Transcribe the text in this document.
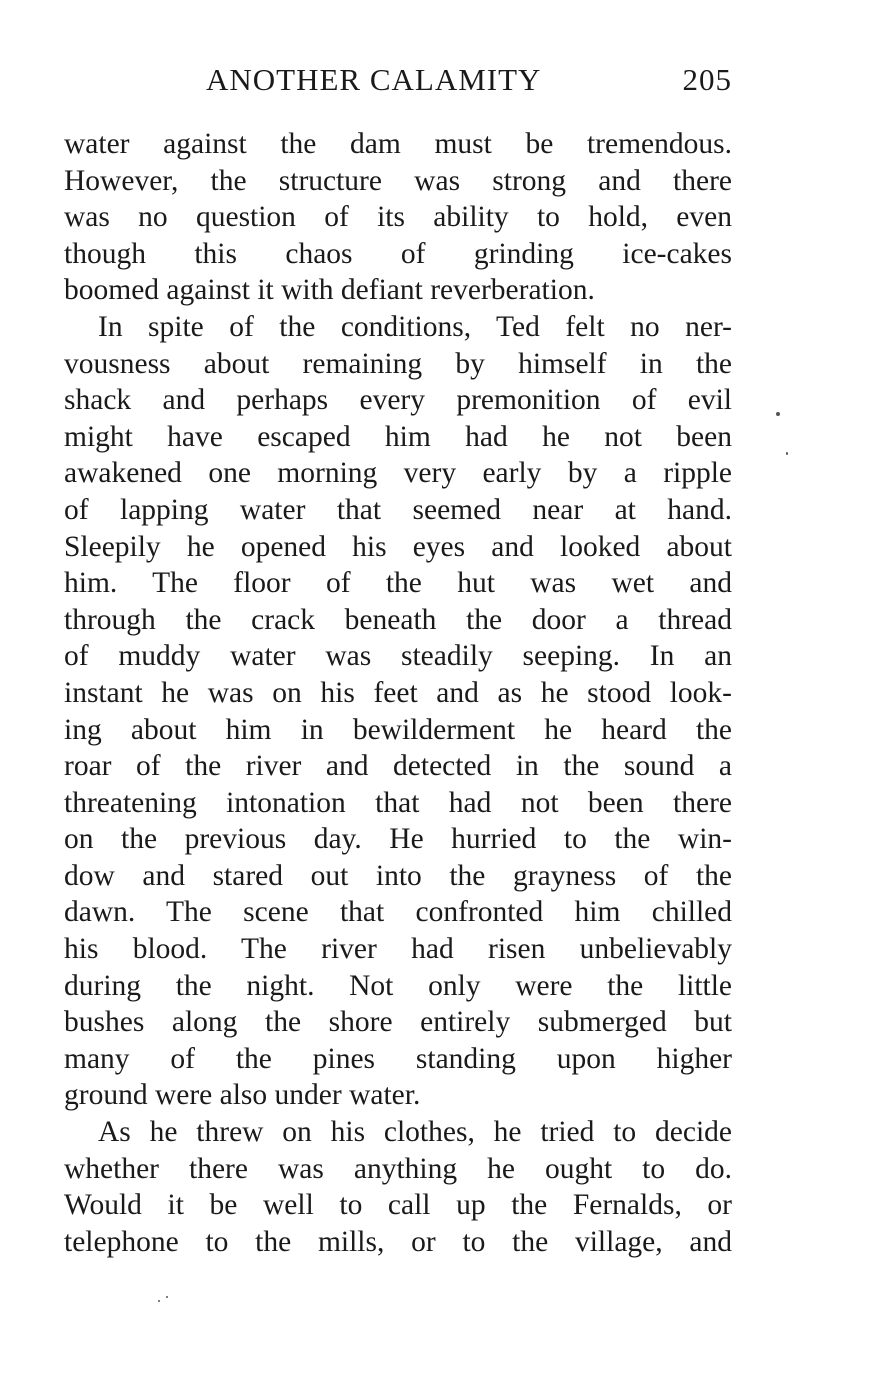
ANOTHER CALAMITY	205
water against the dam must be tremendous.
However, the structure was strong and there
was no question of its ability to hold, even
though this chaos of grinding ice-cakes
boomed against it with defiant reverberation.
In spite of the conditions, Ted felt no ner-
vousness about remaining by himself in the
shack and perhaps every premonition of evil
might have escaped him had he not been
awakened one morning very early by a ripple
of lapping water that seemed near at hand.
Sleepily he opened his eyes and looked about
him. The floor of the hut was wet and
through the crack beneath the door a thread
of muddy water was steadily seeping. In an
instant he was on his feet and as he stood look-
ing about him in bewilderment he heard the
roar of the river and detected in the sound a
threatening intonation that had not been there
on the previous day. He hurried to the win-
dow and stared out into the grayness of the
dawn. The scene that confronted him chilled
his blood. The river had risen unbelievably
during the night. Not only were the little
bushes along the shore entirely submerged but
many of the pines standing upon higher
ground were also under water.
As he threw on his clothes, he tried to decide
whether there was anything he ought to do.
Would it be well to call up the Fernalds, or
telephone to the mills, or to the village, and
